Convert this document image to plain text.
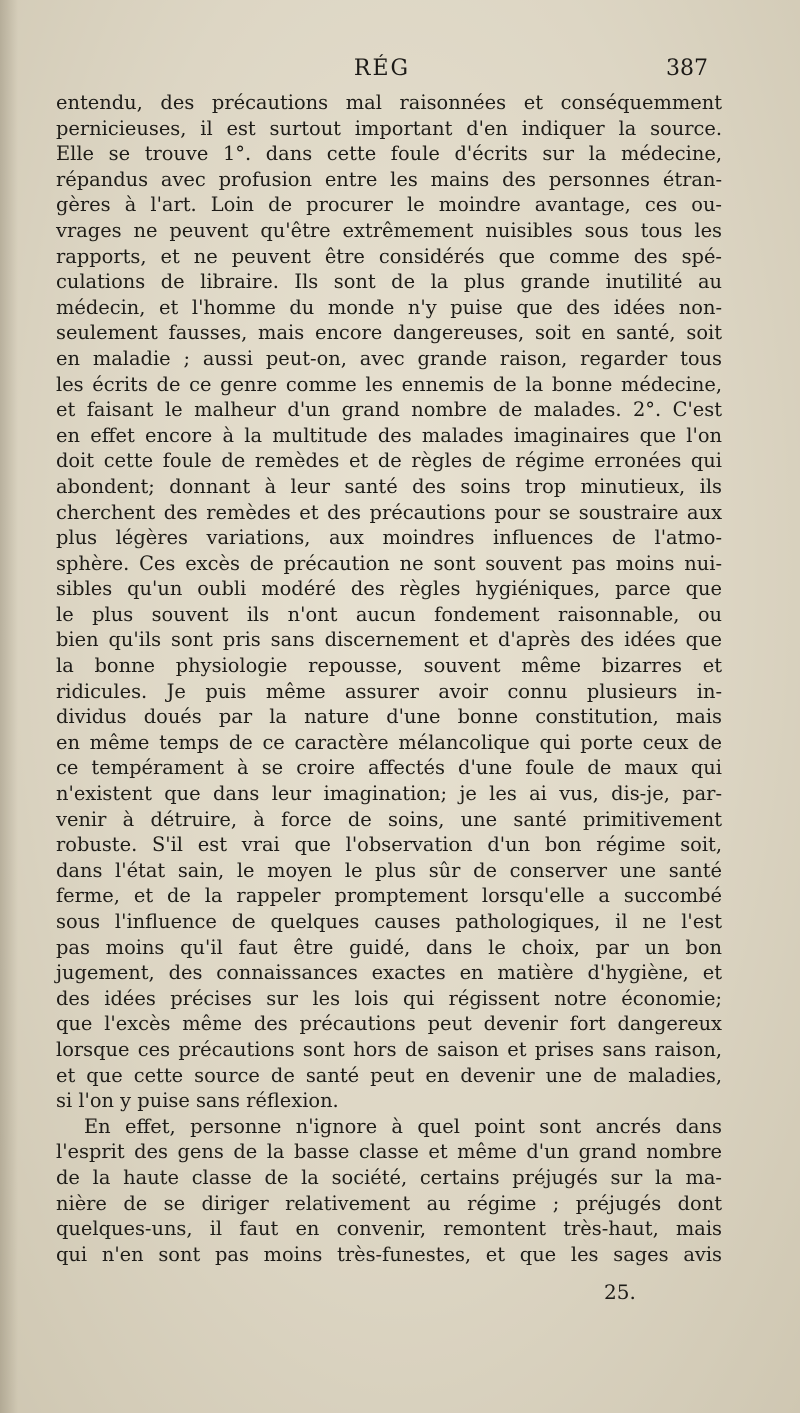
RÉG	387
entendu, des précautions mal raisonnées et conséquemment
pernicieuses, il est surtout important d'en indiquer la source.
Elle se trouve 1°. dans cette foule d'écrits sur la médecine,
répandus avec profusion entre les mains des personnes étran-
gères à l'art. Loin de procurer le moindre avantage, ces ou-
vrages ne peuvent qu'être extrêmement nuisibles sous tous les
rapports, et ne peuvent être considérés que comme des spé-
culations de libraire. Ils sont de la plus grande inutilité au
médecin, et l'homme du monde n'y puise que des idées non-
seulement fausses, mais encore dangereuses, soit en santé, soit
en maladie ; aussi peut-on, avec grande raison, regarder tous
les écrits de ce genre comme les ennemis de la bonne médecine,
et faisant le malheur d'un grand nombre de malades. 2°. C'est
en effet encore à la multitude des malades imaginaires que l'on
doit cette foule de remèdes et de règles de régime erronées qui
abondent; donnant à leur santé des soins trop minutieux, ils
cherchent des remèdes et des précautions pour se soustraire aux
plus légères variations, aux moindres influences de l'atmo-
sphère. Ces excès de précaution ne sont souvent pas moins nui-
sibles qu'un oubli modéré des règles hygiéniques, parce que
le plus souvent ils n'ont aucun fondement raisonnable, ou
bien qu'ils sont pris sans discernement et d'après des idées que
la bonne physiologie repousse, souvent même bizarres et
ridicules. Je puis même assurer avoir connu plusieurs in-
dividus doués par la nature d'une bonne constitution, mais
en même temps de ce caractère mélancolique qui porte ceux de
ce tempérament à se croire affectés d'une foule de maux qui
n'existent que dans leur imagination; je les ai vus, dis-je, par-
venir à détruire, à force de soins, une santé primitivement
robuste. S'il est vrai que l'observation d'un bon régime soit,
dans l'état sain, le moyen le plus sûr de conserver une santé
ferme, et de la rappeler promptement lorsqu'elle a succombé
sous l'influence de quelques causes pathologiques, il ne l'est
pas moins qu'il faut être guidé, dans le choix, par un bon
jugement, des connaissances exactes en matière d'hygiène, et
des idées précises sur les lois qui régissent notre économie;
que l'excès même des précautions peut devenir fort dangereux
lorsque ces précautions sont hors de saison et prises sans raison,
et que cette source de santé peut en devenir une de maladies,
si l'on y puise sans réflexion.
En effet, personne n'ignore à quel point sont ancrés dans
l'esprit des gens de la basse classe et même d'un grand nombre
de la haute classe de la société, certains préjugés sur la ma-
nière de se diriger relativement au régime ; préjugés dont
quelques-uns, il faut en convenir, remontent très-haut, mais
qui n'en sont pas moins très-funestes, et que les sages avis
25.
